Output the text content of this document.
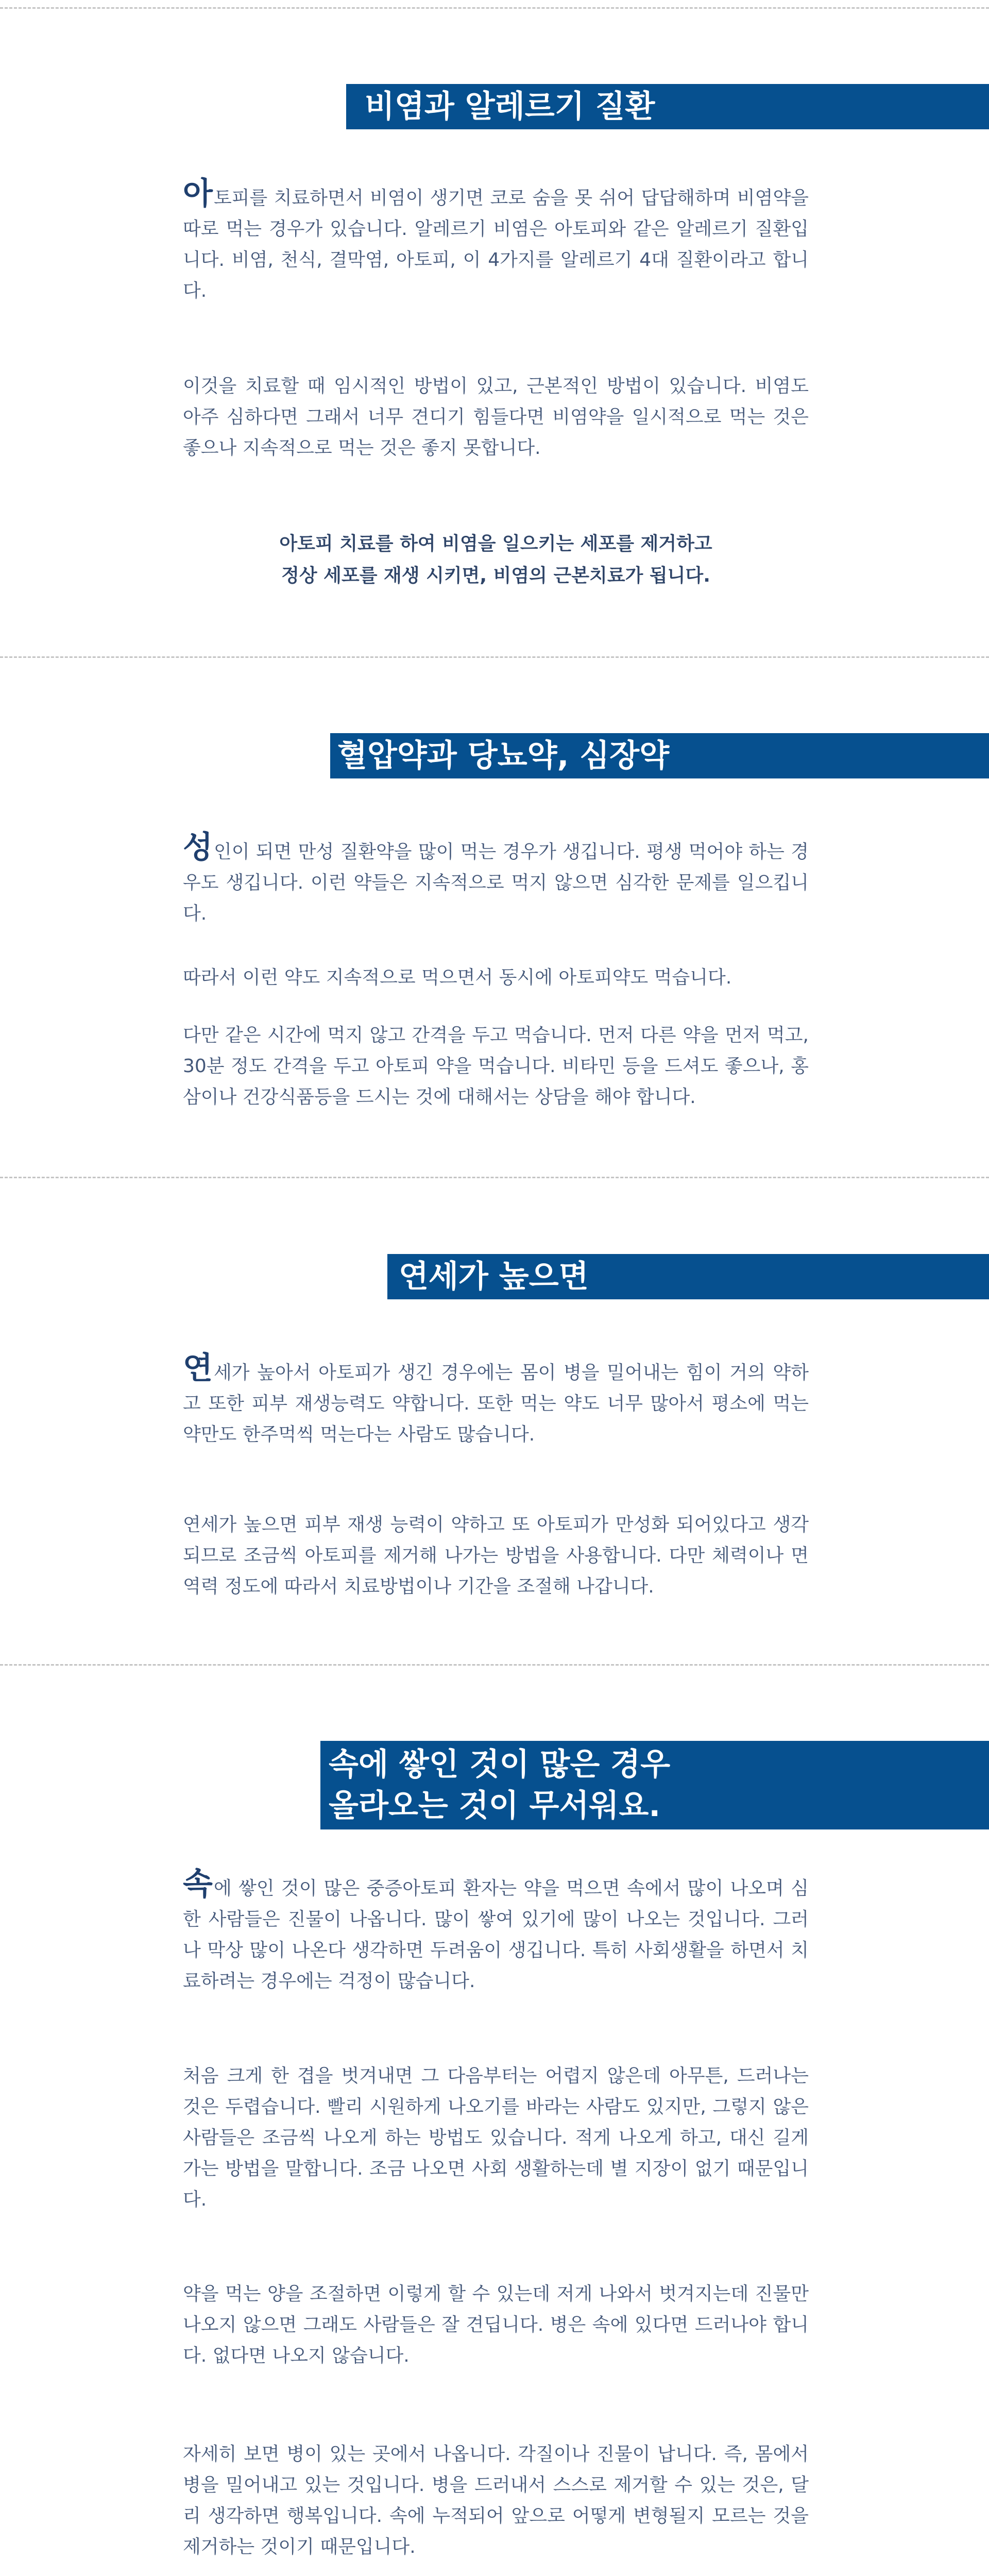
비염과 알레르기 질환

아토피를 치료하면서 비염이 생기면 코로 숨을 못 쉬어 답답해하며 비염약을 따로 먹는 경우가 있습니다. 알레르기 비염은 아토피와 같은 알레르기 질환입니다. 비염, 천식, 결막염, 아토피, 이 4가지를 알레르기 4대 질환이라고 합니다.

이것을 치료할 때 임시적인 방법이 있고, 근본적인 방법이 있습니다. 비염도 아주 심하다면 그래서 너무 견디기 힘들다면 비염약을 일시적으로 먹는 것은 좋으나 지속적으로 먹는 것은 좋지 못합니다.

아토피 치료를 하여 비염을 일으키는 세포를 제거하고
정상 세포를 재생 시키면, 비염의 근본치료가 됩니다.
혈압약과 당뇨약, 심장약

성인이 되면 만성 질환약을 많이 먹는 경우가 생깁니다. 평생 먹어야 하는 경우도 생깁니다. 이런 약들은 지속적으로 먹지 않으면 심각한 문제를 일으킵니다.

따라서 이런 약도 지속적으로 먹으면서 동시에 아토피약도 먹습니다.

다만 같은 시간에 먹지 않고 간격을 두고 먹습니다. 먼저 다른 약을 먼저 먹고, 30분 정도 간격을 두고 아토피 약을 먹습니다. 비타민 등을 드셔도 좋으나, 홍삼이나 건강식품등을 드시는 것에 대해서는 상담을 해야 합니다.

연세가 높으면

연세가 높아서 아토피가 생긴 경우에는 몸이 병을 밀어내는 힘이 거의 약하고 또한 피부 재생능력도 약합니다. 또한 먹는 약도 너무 많아서 평소에 먹는 약만도 한주먹씩 먹는다는 사람도 많습니다.

연세가 높으면 피부 재생 능력이 약하고 또 아토피가 만성화 되어있다고 생각되므로 조금씩 아토피를 제거해 나가는 방법을 사용합니다. 다만 체력이나 면역력 정도에 따라서 치료방법이나 기간을 조절해 나갑니다.

속에 쌓인 것이 많은 경우
올라오는 것이 무서워요.

속에 쌓인 것이 많은 중증아토피 환자는 약을 먹으면 속에서 많이 나오며 심한 사람들은 진물이 나옵니다. 많이 쌓여 있기에 많이 나오는 것입니다. 그러나 막상 많이 나온다 생각하면 두려움이 생깁니다. 특히 사회생활을 하면서 치료하려는 경우에는 걱정이 많습니다.

처음 크게 한 겹을 벗겨내면 그 다음부터는 어렵지 않은데 아무튼, 드러나는 것은 두렵습니다. 빨리 시원하게 나오기를 바라는 사람도 있지만, 그렇지 않은 사람들은 조금씩 나오게 하는 방법도 있습니다. 적게 나오게 하고, 대신 길게 가는 방법을 말합니다. 조금 나오면 사회 생활하는데 별 지장이 없기 때문입니다.

약을 먹는 양을 조절하면 이렇게 할 수 있는데 저게 나와서 벗겨지는데 진물만 나오지 않으면 그래도 사람들은 잘 견딥니다. 병은 속에 있다면 드러나야 합니다. 없다면 나오지 않습니다.

자세히 보면 병이 있는 곳에서 나옵니다. 각질이나 진물이 납니다. 즉, 몸에서 병을 밀어내고 있는 것입니다. 병을 드러내서 스스로 제거할 수 있는 것은, 달리 생각하면 행복입니다. 속에 누적되어 앞으로 어떻게 변형될지 모르는 것을 제거하는 것이기 때문입니다.
